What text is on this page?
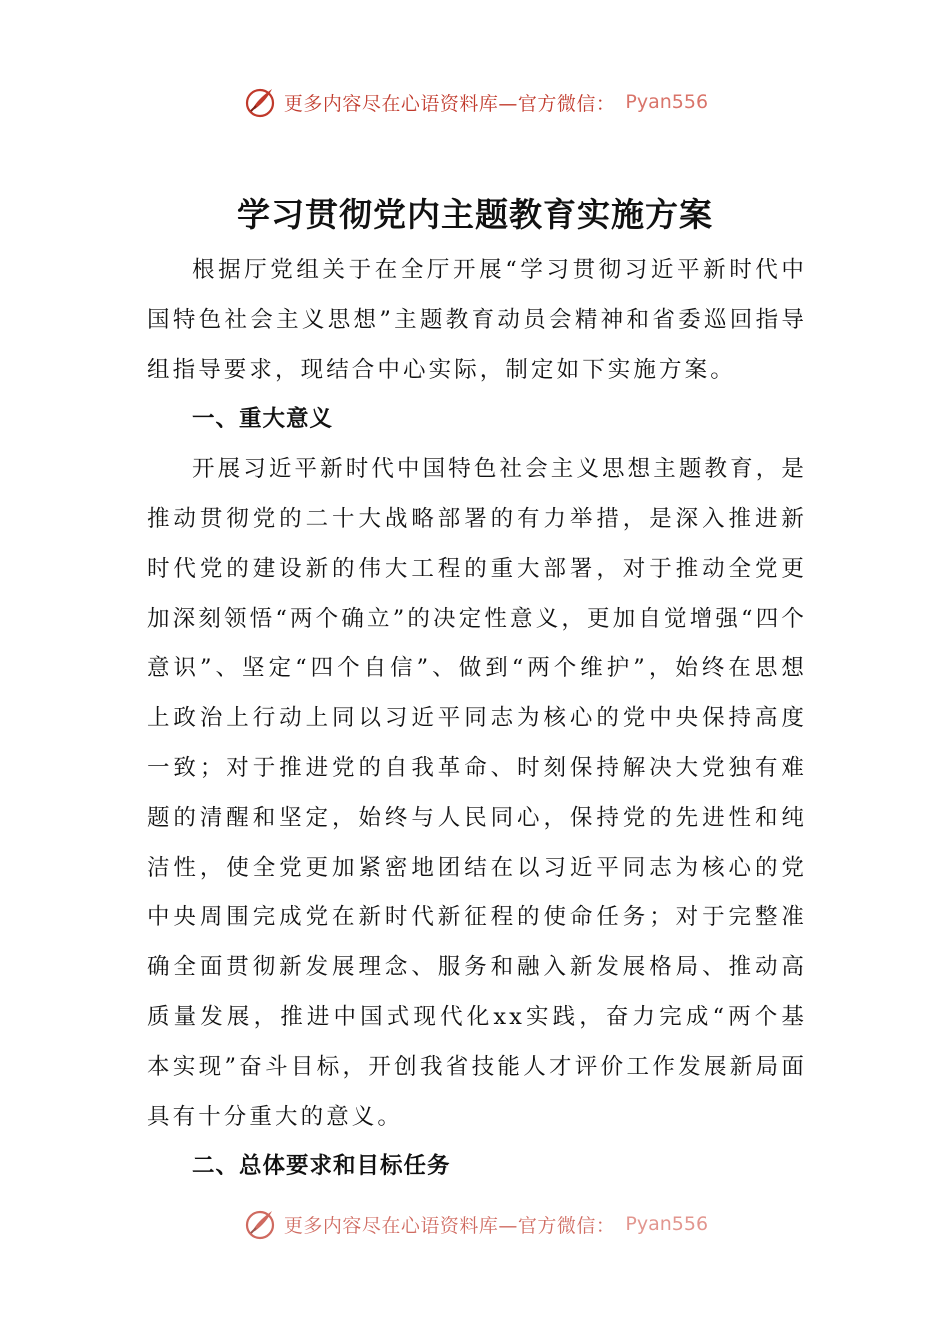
更多内容尽在心语资料库—官方微信： Pyan556
学习贯彻党内主题教育实施方案

根据厅党组关于在全厅开展“学习贯彻习近平新时代中国特色社会主义思想”主题教育动员会精神和省委巡回指导组指导要求，现结合中心实际，制定如下实施方案。

一、重大意义

开展习近平新时代中国特色社会主义思想主题教育，是推动贯彻党的二十大战略部署的有力举措，是深入推进新时代党的建设新的伟大工程的重大部署，对于推动全党更加深刻领悟“两个确立”的决定性意义，更加自觉增强“四个意识”、坚定“四个自信”、做到“两个维护”，始终在思想上政治上行动上同以习近平同志为核心的党中央保持高度一致；对于推进党的自我革命、时刻保持解决大党独有难题的清醒和坚定，始终与人民同心，保持党的先进性和纯洁性，使全党更加紧密地团结在以习近平同志为核心的党中央周围完成党在新时代新征程的使命任务；对于完整准确全面贯彻新发展理念、服务和融入新发展格局、推动高质量发展，推进中国式现代化xx实践，奋力完成“两个基本实现”奋斗目标，开创我省技能人才评价工作发展新局面具有十分重大的意义。

二、总体要求和目标任务

更多内容尽在心语资料库—官方微信： Pyan556
